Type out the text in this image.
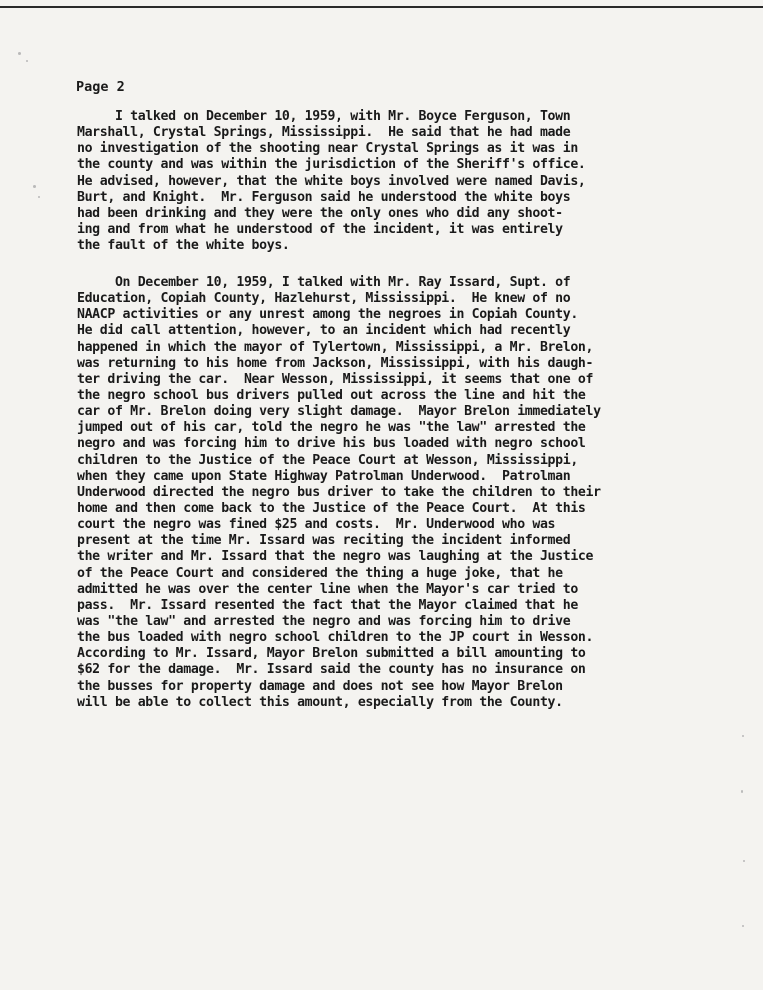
Page 2
I talked on December 10, 1959, with Mr. Boyce Ferguson, Town
Marshall, Crystal Springs, Mississippi.  He said that he had made
no investigation of the shooting near Crystal Springs as it was in
the county and was within the jurisdiction of the Sheriff's office.
He advised, however, that the white boys involved were named Davis,
Burt, and Knight.  Mr. Ferguson said he understood the white boys
had been drinking and they were the only ones who did any shoot-
ing and from what he understood of the incident, it was entirely
the fault of the white boys.
On December 10, 1959, I talked with Mr. Ray Issard, Supt. of
Education, Copiah County, Hazlehurst, Mississippi.  He knew of no
NAACP activities or any unrest among the negroes in Copiah County.
He did call attention, however, to an incident which had recently
happened in which the mayor of Tylertown, Mississippi, a Mr. Brelon,
was returning to his home from Jackson, Mississippi, with his daugh-
ter driving the car.  Near Wesson, Mississippi, it seems that one of
the negro school bus drivers pulled out across the line and hit the
car of Mr. Brelon doing very slight damage.  Mayor Brelon immediately
jumped out of his car, told the negro he was "the law" arrested the
negro and was forcing him to drive his bus loaded with negro school
children to the Justice of the Peace Court at Wesson, Mississippi,
when they came upon State Highway Patrolman Underwood.  Patrolman
Underwood directed the negro bus driver to take the children to their
home and then come back to the Justice of the Peace Court.  At this
court the negro was fined $25 and costs.  Mr. Underwood who was
present at the time Mr. Issard was reciting the incident informed
the writer and Mr. Issard that the negro was laughing at the Justice
of the Peace Court and considered the thing a huge joke, that he
admitted he was over the center line when the Mayor's car tried to
pass.  Mr. Issard resented the fact that the Mayor claimed that he
was "the law" and arrested the negro and was forcing him to drive
the bus loaded with negro school children to the JP court in Wesson.
According to Mr. Issard, Mayor Brelon submitted a bill amounting to
$62 for the damage.  Mr. Issard said the county has no insurance on
the busses for property damage and does not see how Mayor Brelon
will be able to collect this amount, especially from the County.
